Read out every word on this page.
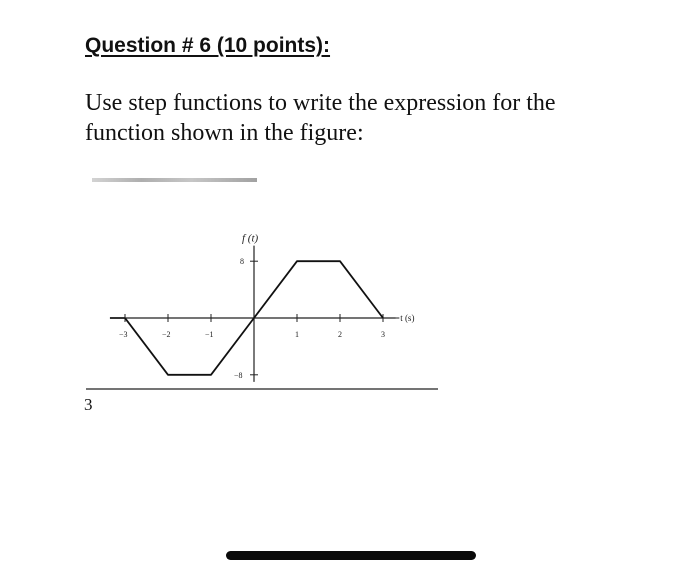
Question # 6 (10 points):

Use step functions to write the expression for the function shown in the figure:

−3	−2	−1	1	2	3
8
−8
f (t)
t (s)

3
